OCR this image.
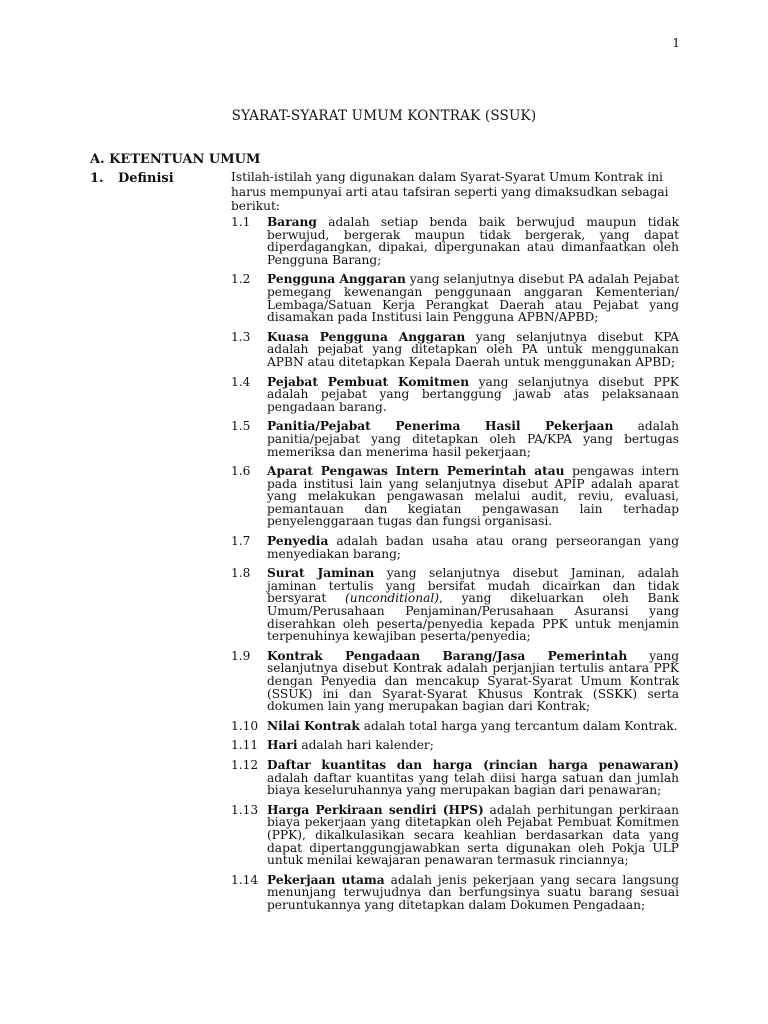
1
SYARAT-SYARAT UMUM KONTRAK (SSUK)
A. KETENTUAN UMUM
1. Definisi	Istilah-istilah yang digunakan dalam Syarat-Syarat Umum Kontrak ini harus mempunyai arti atau tafsiran seperti yang dimaksudkan sebagai berikut:
1.1	Barang adalah setiap benda baik berwujud maupun tidak berwujud, bergerak maupun tidak bergerak, yang dapat diperdagangkan, dipakai, dipergunakan atau dimanfaatkan oleh Pengguna Barang;
1.2	Pengguna Anggaran yang selanjutnya disebut PA adalah Pejabat pemegang kewenangan penggunaan anggaran Kementerian/ Lembaga/Satuan Kerja Perangkat Daerah atau Pejabat yang disamakan pada Institusi lain Pengguna APBN/APBD;
1.3	Kuasa Pengguna Anggaran yang selanjutnya disebut KPA adalah pejabat yang ditetapkan oleh PA untuk menggunakan APBN atau ditetapkan Kepala Daerah untuk menggunakan APBD;
1.4	Pejabat Pembuat Komitmen yang selanjutnya disebut PPK adalah pejabat yang bertanggung jawab atas pelaksanaan pengadaan barang.
1.5	Panitia/Pejabat Penerima Hasil Pekerjaan adalah panitia/pejabat yang ditetapkan oleh PA/KPA yang bertugas memeriksa dan menerima hasil pekerjaan;
1.6	Aparat Pengawas Intern Pemerintah atau pengawas intern pada institusi lain yang selanjutnya disebut APIP adalah aparat yang melakukan pengawasan melalui audit, reviu, evaluasi, pemantauan dan kegiatan pengawasan lain terhadap penyelenggaraan tugas dan fungsi organisasi.
1.7	Penyedia adalah badan usaha atau orang perseorangan yang menyediakan barang;
1.8	Surat Jaminan yang selanjutnya disebut Jaminan, adalah jaminan tertulis yang bersifat mudah dicairkan dan tidak bersyarat (unconditional), yang dikeluarkan oleh Bank Umum/Perusahaan Penjaminan/Perusahaan Asuransi yang diserahkan oleh peserta/penyedia kepada PPK untuk menjamin terpenuhinya kewajiban peserta/penyedia;
1.9	Kontrak Pengadaan Barang/Jasa Pemerintah yang selanjutnya disebut Kontrak adalah perjanjian tertulis antara PPK dengan Penyedia dan mencakup Syarat-Syarat Umum Kontrak (SSUK) ini dan Syarat-Syarat Khusus Kontrak (SSKK) serta dokumen lain yang merupakan bagian dari Kontrak;
1.10 Nilai Kontrak adalah total harga yang tercantum dalam Kontrak.
1.11 Hari adalah hari kalender;
1.12 Daftar kuantitas dan harga (rincian harga penawaran) adalah daftar kuantitas yang telah diisi harga satuan dan jumlah biaya keseluruhannya yang merupakan bagian dari penawaran;
1.13 Harga Perkiraan sendiri (HPS) adalah perhitungan perkiraan biaya pekerjaan yang ditetapkan oleh Pejabat Pembuat Komitmen (PPK), dikalkulasikan secara keahlian berdasarkan data yang dapat dipertanggungjawabkan serta digunakan oleh Pokja ULP untuk menilai kewajaran penawaran termasuk rinciannya;
1.14 Pekerjaan utama adalah jenis pekerjaan yang secara langsung menunjang terwujudnya dan berfungsinya suatu barang sesuai peruntukannya yang ditetapkan dalam Dokumen Pengadaan;
